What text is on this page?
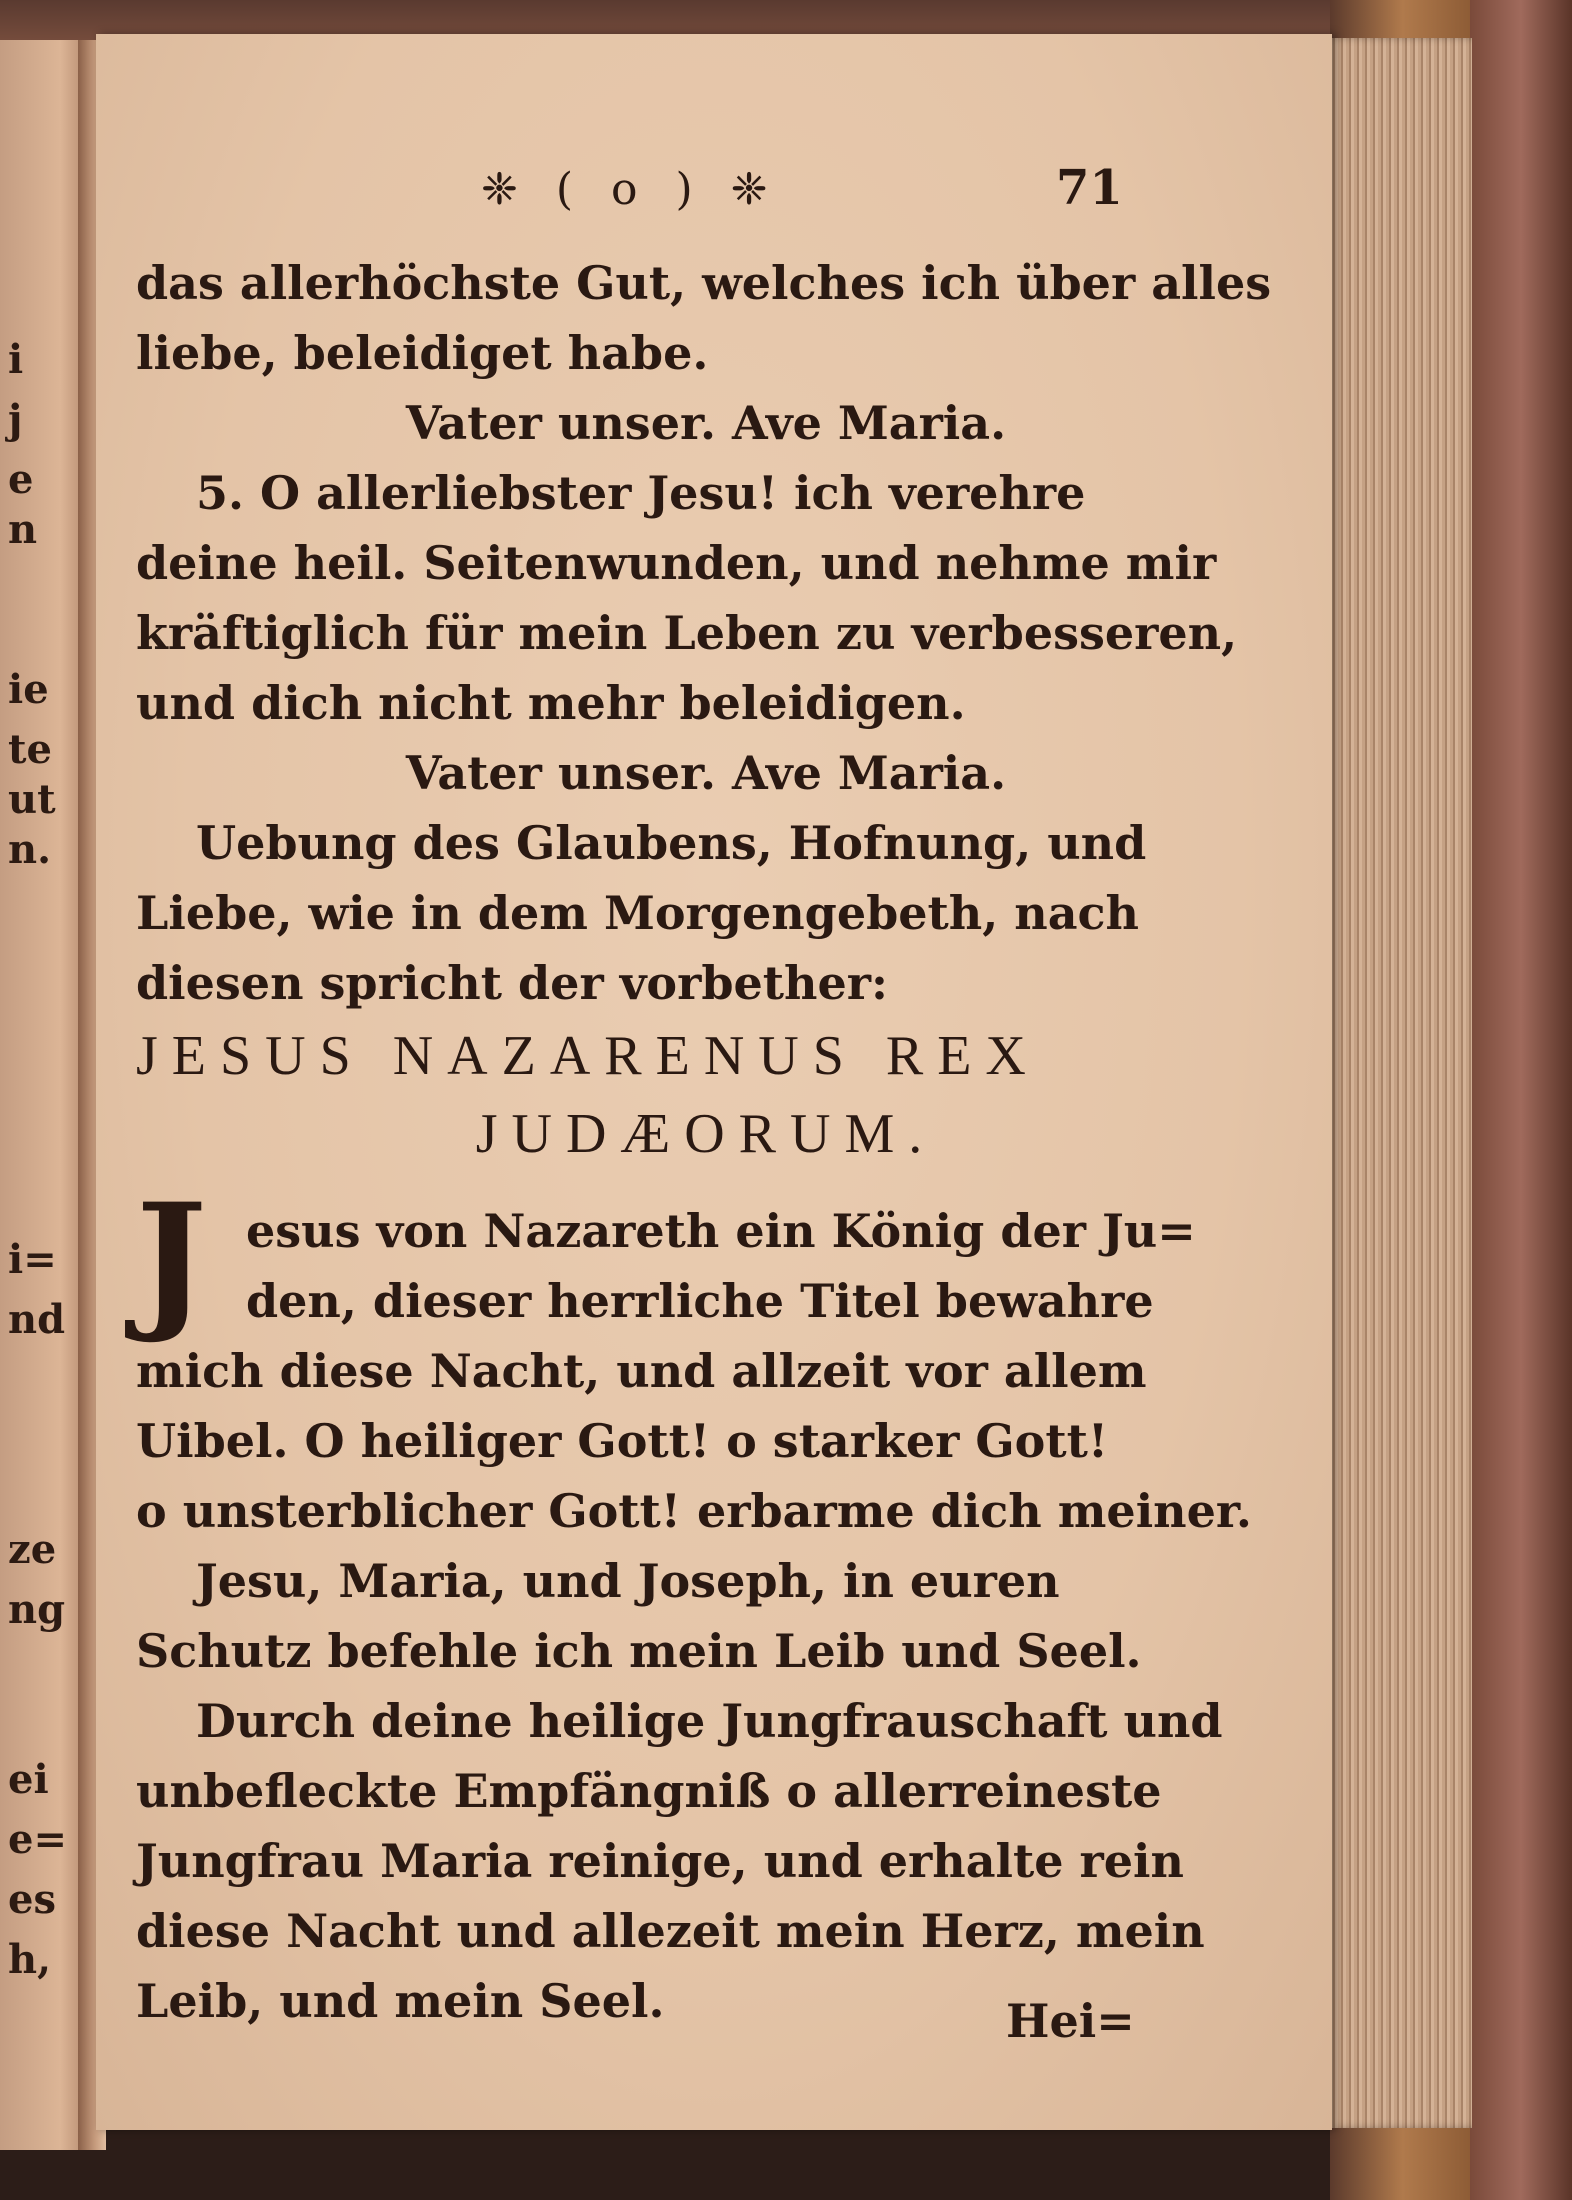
i
j
e
n
ie
te
ut
n.
i=
nd
ze
ng
ei
e=
es
h,
❈ ( o ) ❈	71
das allerhöchste Gut, welches ich über alles
liebe, beleidiget habe.
Vater unser. Ave Maria.
5. O allerliebster Jesu! ich verehre
deine heil. Seitenwunden, und nehme mir
kräftiglich für mein Leben zu verbesseren,
und dich nicht mehr beleidigen.
Vater unser. Ave Maria.
Uebung des Glaubens, Hofnung, und
Liebe, wie in dem Morgengebeth, nach
diesen spricht der vorbether:
JESUS NAZARENUS REX
JUDÆORUM.
J esus von Nazareth ein König der Ju=
den, dieser herrliche Titel bewahre
mich diese Nacht, und allzeit vor allem
Uibel. O heiliger Gott! o starker Gott!
o unsterblicher Gott! erbarme dich meiner.
Jesu, Maria, und Joseph, in euren
Schutz befehle ich mein Leib und Seel.
Durch deine heilige Jungfrauschaft und
unbefleckte Empfängniß o allerreineste
Jungfrau Maria reinige, und erhalte rein
diese Nacht und allezeit mein Herz, mein
Leib, und mein Seel.	Hei=
